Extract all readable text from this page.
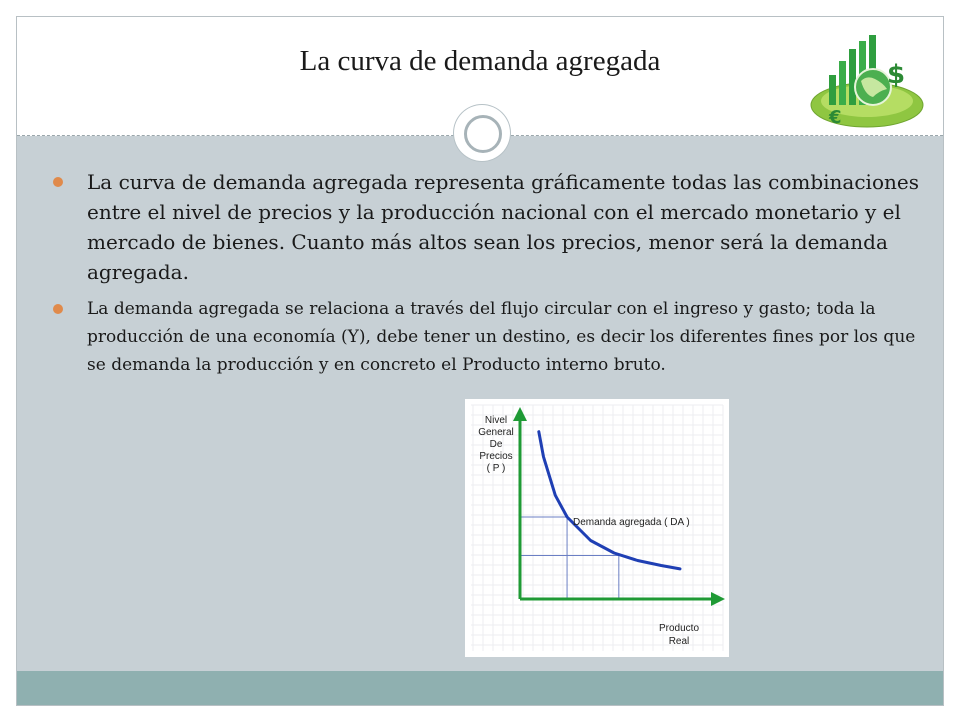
La curva de demanda agregada	$
€
La curva de demanda agregada representa gráficamente todas las combinaciones entre el nivel de precios y la producción nacional con el mercado monetario y el mercado de bienes. Cuanto más altos sean los precios, menor será la demanda agregada.
La demanda agregada se relaciona a través del flujo circular con el ingreso y gasto; toda la producción de una economía (Y), debe tener un destino, es decir los diferentes fines por los que se demanda la producción y en concreto el Producto interno bruto.
Nivel
General
De
Precios
( P )
Producto
Real
Demanda agregada ( DA )
